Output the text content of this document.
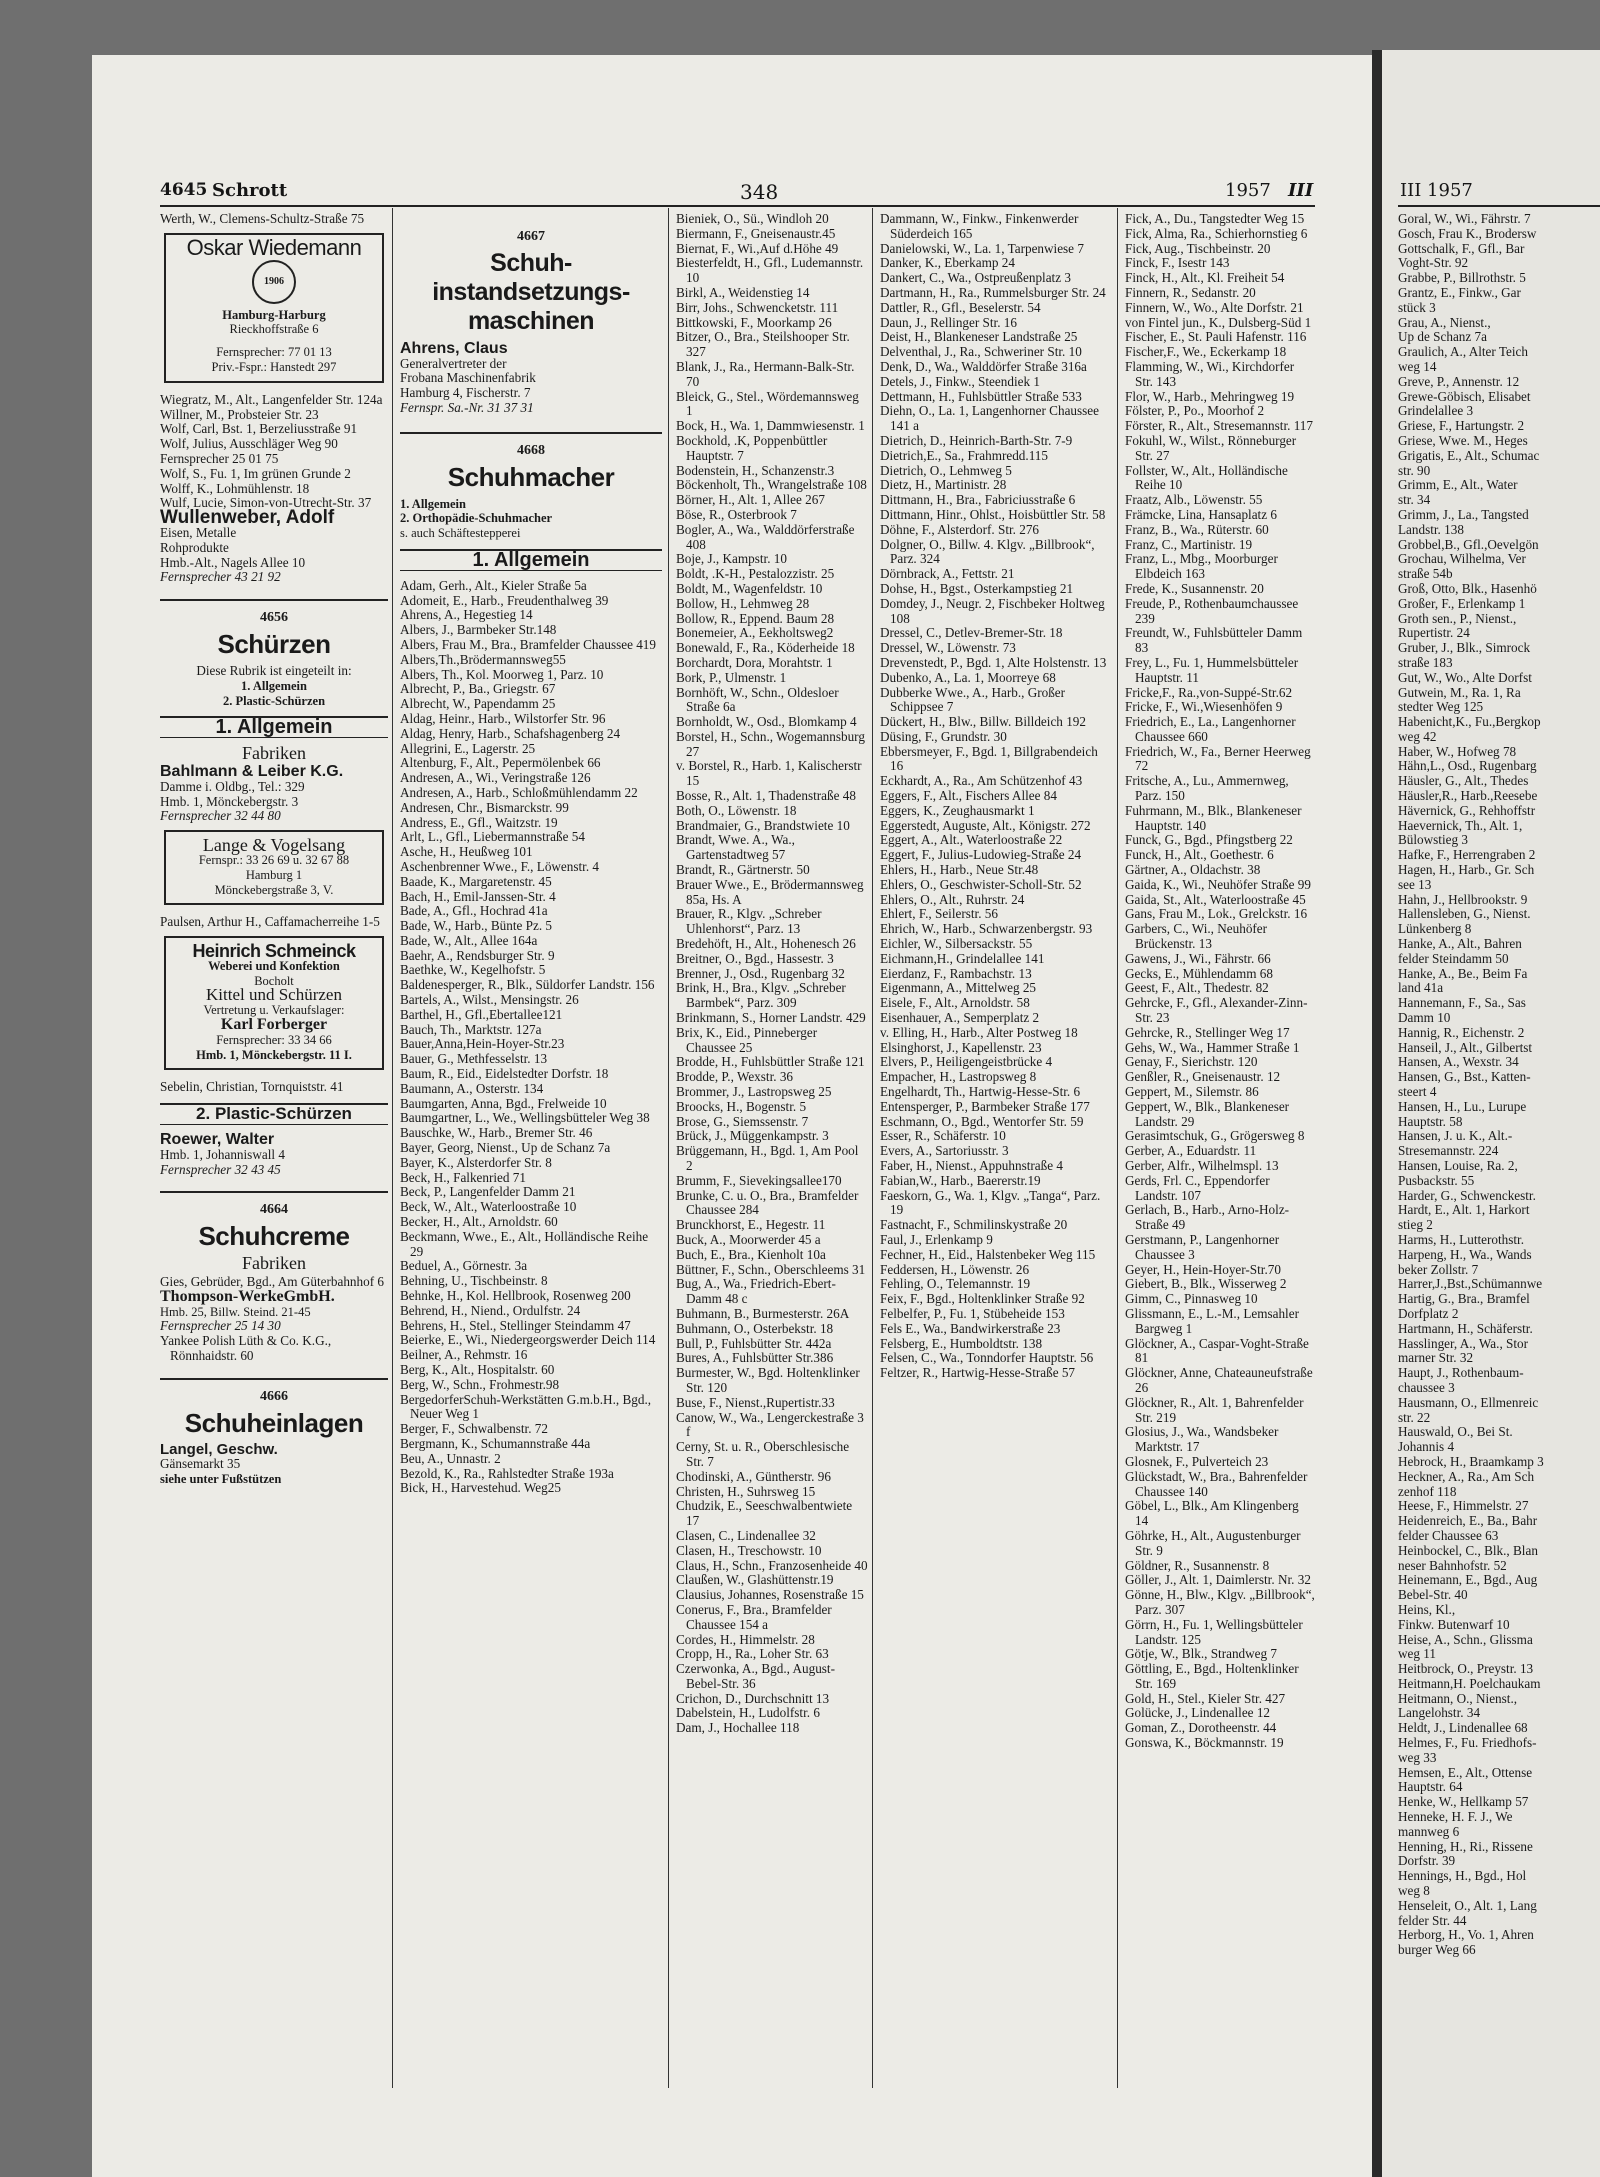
4645 Schrott	348	1957 III	III 1957

Werth, W., Clemens-Schultz-Straße 75

Oskar Wiedemann
1906
Hamburg-Harburg
Rieckhoffstraße 6
Fernsprecher: 77 01 13
Priv.-Fspr.: Hanstedt 297

Wiegratz, M., Alt., Langenfelder Str. 124a

Willner, M., Probsteier Str. 23

Wolf, Carl, Bst. 1, Berzeliusstraße 91

Wolf, Julius, Ausschläger Weg 90

Fernsprecher 25 01 75

Wolf, S., Fu. 1, Im grünen Grunde 2

Wolff, K., Lohmühlenstr. 18

Wulf, Lucie, Simon-von-Utrecht-Str. 37

Wullenweber, Adolf
Eisen, Metalle
Rohprodukte
Hmb.-Alt., Nagels Allee 10
Fernsprecher 43 21 92
4656
Schürzen
Diese Rubrik ist eingeteilt in:
1. Allgemein
2. Plastic-Schürzen
1. Allgemein
Fabriken
Bahlmann & Leiber K.G.
Damme i. Oldbg., Tel.: 329
Hmb. 1, Mönckebergstr. 3
Fernsprecher 32 44 80
Lange & Vogelsang
Fernspr.: 33 26 69 u. 32 67 88
Hamburg 1
Mönckebergstraße 3, V.

Paulsen, Arthur H., Caffamacherreihe 1-5

Heinrich Schmeinck
Weberei und Konfektion
Bocholt
Kittel und Schürzen
Vertretung u. Verkaufslager:
Karl Forberger
Fernsprecher: 33 34 66
Hmb. 1, Mönckebergstr. 11 I.

Sebelin, Christian, Tornquiststr. 41

2. Plastic-Schürzen
Roewer, Walter
Hmb. 1, Johanniswall 4
Fernsprecher 32 43 45
4664
Schuhcreme
Fabriken

Gies, Gebrüder, Bgd., Am Güterbahnhof 6

Thompson-WerkeGmbH.
Hmb. 25, Billw. Steind. 21-45
Fernsprecher 25 14 30

Yankee Polish Lüth & Co. K.G., Rönnhaidstr. 60

4666
Schuheinlagen
Langel, Geschw.
Gänsemarkt 35
siehe unter Fußstützen
4667
Schuh-instandsetzungs-maschinen
Ahrens, Claus
Generalvertreter der
Frobana Maschinenfabrik
Hamburg 4, Fischerstr. 7
Fernspr. Sa.-Nr. 31 37 31
4668
Schuhmacher
1. Allgemein
2. Orthopädie-Schuhmacher
s. auch Schäftestepperei
1. Allgemein

Adam, Gerh., Alt., Kieler Straße 5a

Adomeit, E., Harb., Freudenthalweg 39

Ahrens, A., Hegestieg 14

Albers, J., Barmbeker Str.148

Albers, Frau M., Bra., Bramfelder Chaussee 419

Albers,Th.,Brödermannsweg55

Albers, Th., Kol. Moorweg 1, Parz. 10

Albrecht, P., Ba., Griegstr. 67

Albrecht, W., Papendamm 25

Aldag, Heinr., Harb., Wilstorfer Str. 96

Aldag, Henry, Harb., Schafshagenberg 24

Allegrini, E., Lagerstr. 25

Altenburg, F., Alt., Pepermölenbek 66

Andresen, A., Wi., Veringstraße 126

Andresen, A., Harb., Schloßmühlendamm 22

Andresen, Chr., Bismarckstr. 99

Andress, E., Gfl., Waitzstr. 19

Arlt, L., Gfl., Liebermannstraße 54

Asche, H., Heußweg 101

Aschenbrenner Wwe., F., Löwenstr. 4

Baade, K., Margaretenstr. 45

Bach, H., Emil-Janssen-Str. 4

Bade, A., Gfl., Hochrad 41a

Bade, W., Harb., Bünte Pz. 5

Bade, W., Alt., Allee 164a

Baehr, A., Rendsburger Str. 9

Baethke, W., Kegelhofstr. 5

Baldenesperger, R., Blk., Süldorfer Landstr. 156

Bartels, A., Wilst., Mensingstr. 26

Barthel, H., Gfl.,Ebertallee121

Bauch, Th., Marktstr. 127a

Bauer,Anna,Hein-Hoyer-Str.23

Bauer, G., Methfesselstr. 13

Baum, R., Eid., Eidelstedter Dorfstr. 18

Baumann, A., Osterstr. 134

Baumgarten, Anna, Bgd., Frelweide 10

Baumgartner, L., We., Wellingsbütteler Weg 38

Bauschke, W., Harb., Bremer Str. 46

Bayer, Georg, Nienst., Up de Schanz 7a

Bayer, K., Alsterdorfer Str. 8

Beck, H., Falkenried 71

Beck, P., Langenfelder Damm 21

Beck, W., Alt., Waterloostraße 10

Becker, H., Alt., Arnoldstr. 60

Beckmann, Wwe., E., Alt., Holländische Reihe 29

Beduel, A., Görnestr. 3a

Behning, U., Tischbeinstr. 8

Behnke, H., Kol. Hellbrook, Rosenweg 200

Behrend, H., Niend., Ordulfstr. 24

Behrens, H., Stel., Stellinger Steindamm 47

Beierke, E., Wi., Niedergeorgswerder Deich 114

Beilner, A., Rehmstr. 16

Berg, K., Alt., Hospitalstr. 60

Berg, W., Schn., Frohmestr.98

BergedorferSchuh-Werkstätten G.m.b.H., Bgd., Neuer Weg 1

Berger, F., Schwalbenstr. 72

Bergmann, K., Schumannstraße 44a

Beu, A., Unnastr. 2

Bezold, K., Ra., Rahlstedter Straße 193a

Bick, H., Harvestehud. Weg25

Bieniek, O., Sü., Windloh 20

Biermann, F., Gneisenaustr.45

Biernat, F., Wi.,Auf d.Höhe 49

Biesterfeldt, H., Gfl., Ludemannstr. 10

Birkl, A., Weidenstieg 14

Birr, Johs., Schwencketstr. 111

Bittkowski, F., Moorkamp 26

Bitzer, O., Bra., Steilshooper Str. 327

Blank, J., Ra., Hermann-Balk-Str. 70

Bleick, G., Stel., Wördemannsweg 1

Bock, H., Wa. 1, Dammwiesenstr. 1

Bockhold, .K, Poppenbüttler Hauptstr. 7

Bodenstein, H., Schanzenstr.3

Böckenholt, Th., Wrangelstraße 108

Börner, H., Alt. 1, Allee 267

Böse, R., Osterbrook 7

Bogler, A., Wa., Walddörferstraße 408

Boje, J., Kampstr. 10

Boldt, .K-H., Pestalozzistr. 25

Boldt, M., Wagenfeldstr. 10

Bollow, H., Lehmweg 28

Bollow, R., Eppend. Baum 28

Bonemeier, A., Eekholtsweg2

Bonewald, F., Ra., Köderheide 18

Borchardt, Dora, Morahtstr. 1

Bork, P., Ulmenstr. 1

Bornhöft, W., Schn., Oldesloer Straße 6a

Bornholdt, W., Osd., Blomkamp 4

Borstel, H., Schn., Wogemannsburg 27

v. Borstel, R., Harb. 1, Kalischerstr 15

Bosse, R., Alt. 1, Thadenstraße 48

Both, O., Löwenstr. 18

Brandmaier, G., Brandstwiete 10

Brandt, Wwe. A., Wa., Gartenstadtweg 57

Brandt, R., Gärtnerstr. 50

Brauer Wwe., E., Brödermannsweg 85a, Hs. A

Brauer, R., Klgv. „Schreber Uhlenhorst“, Parz. 13

Bredehöft, H., Alt., Hohenesch 26

Breitner, O., Bgd., Hassestr. 3

Brenner, J., Osd., Rugenbarg 32

Brink, H., Bra., Klgv. „Schreber Barmbek“, Parz. 309

Brinkmann, S., Horner Landstr. 429

Brix, K., Eid., Pinneberger Chaussee 25

Brodde, H., Fuhlsbüttler Straße 121

Brodde, P., Wexstr. 36

Brommer, J., Lastropsweg 25

Broocks, H., Bogenstr. 5

Brose, G., Siemssenstr. 7

Brück, J., Müggenkampstr. 3

Brüggemann, H., Bgd. 1, Am Pool 2

Brumm, F., Sievekingsallee170

Brunke, C. u. O., Bra., Bramfelder Chaussee 284

Brunckhorst, E., Hegestr. 11

Buck, A., Moorwerder 45 a

Buch, E., Bra., Kienholt 10a

Büttner, F., Schn., Oberschleems 31

Bug, A., Wa., Friedrich-Ebert-Damm 48 c

Buhmann, B., Burmesterstr. 26A

Buhmann, O., Osterbekstr. 18

Bull, P., Fuhlsbütter Str. 442a

Bures, A., Fuhlsbütter Str.386

Burmester, W., Bgd. Holtenklinker Str. 120

Buse, F., Nienst.,Rupertistr.33

Canow, W., Wa., Lengerckestraße 3 f

Cerny, St. u. R., Oberschlesische Str. 7

Chodinski, A., Güntherstr. 96

Christen, H., Suhrsweg 15

Chudzik, E., Seeschwalbentwiete 17

Clasen, C., Lindenallee 32

Clasen, H., Treschowstr. 10

Claus, H., Schn., Franzosenheide 40

Claußen, W., Glashüttenstr.19

Clausius, Johannes, Rosenstraße 15

Conerus, F., Bra., Bramfelder Chaussee 154 a

Cordes, H., Himmelstr. 28

Cropp, H., Ra., Loher Str. 63

Czerwonka, A., Bgd., August-Bebel-Str. 36

Crichon, D., Durchschnitt 13

Dabelstein, H., Ludolfstr. 6

Dam, J., Hochallee 118

Dammann, W., Finkw., Finkenwerder Süderdeich 165

Danielowski, W., La. 1, Tarpenwiese 7

Danker, K., Eberkamp 24

Dankert, C., Wa., Ostpreußenplatz 3

Dartmann, H., Ra., Rummelsburger Str. 24

Dattler, R., Gfl., Beselerstr. 54

Daun, J., Rellinger Str. 16

Deist, H., Blankeneser Landstraße 25

Delventhal, J., Ra., Schweriner Str. 10

Denk, D., Wa., Walddörfer Straße 316a

Detels, J., Finkw., Steendiek 1

Dettmann, H., Fuhlsbüttler Straße 533

Diehn, O., La. 1, Langenhorner Chaussee 141 a

Dietrich, D., Heinrich-Barth-Str. 7-9

Dietrich,E., Sa., Frahmredd.115

Dietrich, O., Lehmweg 5

Dietz, H., Martinistr. 28

Dittmann, H., Bra., Fabriciusstraße 6

Dittmann, Hinr., Ohlst., Hoisbüttler Str. 58

Döhne, F., Alsterdorf. Str. 276

Dolgner, O., Billw. 4. Klgv. „Billbrook“, Parz. 324

Dörnbrack, A., Fettstr. 21

Dohse, H., Bgst., Osterkampstieg 21

Domdey, J., Neugr. 2, Fischbeker Holtweg 108

Dressel, C., Detlev-Bremer-Str. 18

Dressel, W., Löwenstr. 73

Drevenstedt, P., Bgd. 1, Alte Holstenstr. 13

Dubenko, A., La. 1, Moorreye 68

Dubberke Wwe., A., Harb., Großer Schippsee 7

Dückert, H., Blw., Billw. Billdeich 192

Düsing, F., Grundstr. 30

Ebbersmeyer, F., Bgd. 1, Billgrabendeich 16

Eckhardt, A., Ra., Am Schützenhof 43

Eggers, F., Alt., Fischers Allee 84

Eggers, K., Zeughausmarkt 1

Eggerstedt, Auguste, Alt., Königstr. 272

Eggert, A., Alt., Waterloostraße 22

Eggert, F., Julius-Ludowieg-Straße 24

Ehlers, H., Harb., Neue Str.48

Ehlers, O., Geschwister-Scholl-Str. 52

Ehlers, O., Alt., Ruhrstr. 24

Ehlert, F., Seilerstr. 56

Ehrich, W., Harb., Schwarzenbergstr. 93

Eichler, W., Silbersackstr. 55

Eichmann,H., Grindelallee 141

Eierdanz, F., Rambachstr. 13

Eigenmann, A., Mittelweg 25

Eisele, F., Alt., Arnoldstr. 58

Eisenhauer, A., Semperplatz 2

v. Elling, H., Harb., Alter Postweg 18

Elsinghorst, J., Kapellenstr. 23

Elvers, P., Heiligengeistbrücke 4

Empacher, H., Lastropsweg 8

Engelhardt, Th., Hartwig-Hesse-Str. 6

Entensperger, P., Barmbeker Straße 177

Eschmann, O., Bgd., Wentorfer Str. 59

Esser, R., Schäferstr. 10

Evers, A., Sartoriusstr. 3

Faber, H., Nienst., Appuhnstraße 4

Fabian,W., Harb., Baererstr.19

Faeskorn, G., Wa. 1, Klgv. „Tanga“, Parz. 19

Fastnacht, F., Schmilinskystraße 20

Faul, J., Erlenkamp 9

Fechner, H., Eid., Halstenbeker Weg 115

Feddersen, H., Löwenstr. 26

Fehling, O., Telemannstr. 19

Feix, F., Bgd., Holtenklinker Straße 92

Felbelfer, P., Fu. 1, Stübeheide 153

Fels E., Wa., Bandwirkerstraße 23

Felsberg, E., Humboldtstr. 138

Felsen, C., Wa., Tonndorfer Hauptstr. 56

Feltzer, R., Hartwig-Hesse-Straße 57

Fick, A., Du., Tangstedter Weg 15

Fick, Alma, Ra., Schierhornstieg 6

Fick, Aug., Tischbeinstr. 20

Finck, F., Isestr 143

Finck, H., Alt., Kl. Freiheit 54

Finnern, R., Sedanstr. 20

Finnern, W., Wo., Alte Dorfstr. 21

von Fintel jun., K., Dulsberg-Süd 1

Fischer, E., St. Pauli Hafenstr. 116

Fischer,F., We., Eckerkamp 18

Flamming, W., Wi., Kirchdorfer Str. 143

Flor, W., Harb., Mehringweg 19

Fölster, P., Po., Moorhof 2

Förster, R., Alt., Stresemannstr. 117

Fokuhl, W., Wilst., Rönneburger Str. 27

Follster, W., Alt., Holländische Reihe 10

Fraatz, Alb., Löwenstr. 55

Främcke, Lina, Hansaplatz 6

Franz, B., Wa., Rüterstr. 60

Franz, C., Martinistr. 19

Franz, L., Mbg., Moorburger Elbdeich 163

Frede, K., Susannenstr. 20

Freude, P., Rothenbaumchaussee 239

Freundt, W., Fuhlsbütteler Damm 83

Frey, L., Fu. 1, Hummelsbütteler Hauptstr. 11

Fricke,F., Ra.,von-Suppé-Str.62

Fricke, F., Wi.,Wiesenhöfen 9

Friedrich, E., La., Langenhorner Chaussee 660

Friedrich, W., Fa., Berner Heerweg 72

Fritsche, A., Lu., Ammernweg, Parz. 150

Fuhrmann, M., Blk., Blankeneser Hauptstr. 140

Funck, G., Bgd., Pfingstberg 22

Funck, H., Alt., Goethestr. 6

Gärtner, A., Oldachstr. 38

Gaida, K., Wi., Neuhöfer Straße 99

Gaida, St., Alt., Waterloostraße 45

Gans, Frau M., Lok., Grelckstr. 16

Garbers, C., Wi., Neuhöfer Brückenstr. 13

Gawens, J., Wi., Fährstr. 66

Gecks, E., Mühlendamm 68

Geest, F., Alt., Thedestr. 82

Gehrcke, F., Gfl., Alexander-Zinn-Str. 23

Gehrcke, R., Stellinger Weg 17

Gehs, W., Wa., Hammer Straße 1

Genay, F., Sierichstr. 120

Genßler, R., Gneisenaustr. 12

Geppert, M., Silemstr. 86

Geppert, W., Blk., Blankeneser Landstr. 29

Gerasimtschuk, G., Grögersweg 8

Gerber, A., Eduardstr. 11

Gerber, Alfr., Wilhelmspl. 13

Gerds, Frl. C., Eppendorfer Landstr. 107

Gerlach, B., Harb., Arno-Holz-Straße 49

Gerstmann, P., Langenhorner Chaussee 3

Geyer, H., Hein-Hoyer-Str.70

Giebert, B., Blk., Wisserweg 2

Gimm, C., Pinnasweg 10

Glissmann, E., L.-M., Lemsahler Bargweg 1

Glöckner, A., Caspar-Voght-Straße 81

Glöckner, Anne, Chateauneufstraße 26

Glöckner, R., Alt. 1, Bahrenfelder Str. 219

Glosius, J., Wa., Wandsbeker Marktstr. 17

Glosnek, F., Pulverteich 23

Glückstadt, W., Bra., Bahrenfelder Chaussee 140

Göbel, L., Blk., Am Klingenberg 14

Göhrke, H., Alt., Augustenburger Str. 9

Göldner, R., Susannenstr. 8

Göller, J., Alt. 1, Daimlerstr. Nr. 32

Gönne, H., Blw., Klgv. „Billbrook“, Parz. 307

Görrn, H., Fu. 1, Wellingsbütteler Landstr. 125

Götje, W., Blk., Strandweg 7

Göttling, E., Bgd., Holtenklinker Str. 169

Gold, H., Stel., Kieler Str. 427

Golücke, J., Lindenallee 12

Goman, Z., Dorotheenstr. 44

Gonswa, K., Böckmannstr. 19

Goral, W., Wi., Fährstr. 7

Gosch, Frau K., Brodersw

Gottschalk, F., Gfl., Bar

Voght-Str. 92

Grabbe, P., Billrothstr. 5

Grantz, E., Finkw., Gar

stück 3

Grau, A., Nienst.,

Up de Schanz 7a

Graulich, A., Alter Teich

weg 14

Greve, P., Annenstr. 12

Grewe-Göbisch, Elisabet

Grindelallee 3

Griese, F., Hartungstr. 2

Griese, Wwe. M., Heges

Grigatis, E., Alt., Schumac

str. 90

Grimm, E., Alt., Water

str. 34

Grimm, J., La., Tangsted

Landstr. 138

Grobbel,B., Gfl.,Oevelgön

Grochau, Wilhelma, Ver

straße 54b

Groß, Otto, Blk., Hasenhö

Großer, F., Erlenkamp 1

Groth sen., P., Nienst.,

Rupertistr. 24

Gruber, J., Blk., Simrock

straße 183

Gut, W., Wo., Alte Dorfst

Gutwein, M., Ra. 1, Ra

stedter Weg 125

Habenicht,K., Fu.,Bergkop

weg 42

Haber, W., Hofweg 78

Hähn,L., Osd., Rugenbarg

Häusler, G., Alt., Thedes

Häusler,R., Harb.,Reesebe

Hävernick, G., Rehhoffstr

Haevernick, Th., Alt. 1,

Bülowstieg 3

Hafke, F., Herrengraben 2

Hagen, H., Harb., Gr. Sch

see 13

Hahn, J., Hellbrookstr. 9

Hallensleben, G., Nienst.

Lünkenberg 8

Hanke, A., Alt., Bahren

felder Steindamm 50

Hanke, A., Be., Beim Fa

land 41a

Hannemann, F., Sa., Sas

Damm 10

Hannig, R., Eichenstr. 2

Hanseil, J., Alt., Gilbertst

Hansen, A., Wexstr. 34

Hansen, G., Bst., Katten-

steert 4

Hansen, H., Lu., Lurupe

Hauptstr. 58

Hansen, J. u. K., Alt.-

Stresemannstr. 224

Hansen, Louise, Ra. 2,

Pusbackstr. 55

Harder, G., Schwenckestr.

Hardt, E., Alt. 1, Harkort

stieg 2

Harms, H., Lutterothstr.

Harpeng, H., Wa., Wands

beker Zollstr. 7

Harrer,J.,Bst.,Schümannwe

Hartig, G., Bra., Bramfel

Dorfplatz 2

Hartmann, H., Schäferstr.

Hasslinger, A., Wa., Stor

marner Str. 32

Haupt, J., Rothenbaum-

chaussee 3

Hausmann, O., Ellmenreic

str. 22

Hauswald, O., Bei St.

Johannis 4

Hebrock, H., Braamkamp 3

Heckner, A., Ra., Am Sch

zenhof 118

Heese, F., Himmelstr. 27

Heidenreich, E., Ba., Bahr

felder Chaussee 63

Heinbockel, C., Blk., Blan

neser Bahnhofstr. 52

Heinemann, E., Bgd., Aug

Bebel-Str. 40

Heins, Kl.,

Finkw. Butenwarf 10

Heise, A., Schn., Glissma

weg 11

Heitbrock, O., Preystr. 13

Heitmann,H. Poelchaukam

Heitmann, O., Nienst.,

Langelohstr. 34

Heldt, J., Lindenallee 68

Helmes, F., Fu. Friedhofs-

weg 33

Hemsen, E., Alt., Ottense

Hauptstr. 64

Henke, W., Hellkamp 57

Henneke, H. F. J., We

mannweg 6

Henning, H., Ri., Rissene

Dorfstr. 39

Hennings, H., Bgd., Hol

weg 8

Henseleit, O., Alt. 1, Lang

felder Str. 44

Herborg, H., Vo. 1, Ahren

burger Weg 66
